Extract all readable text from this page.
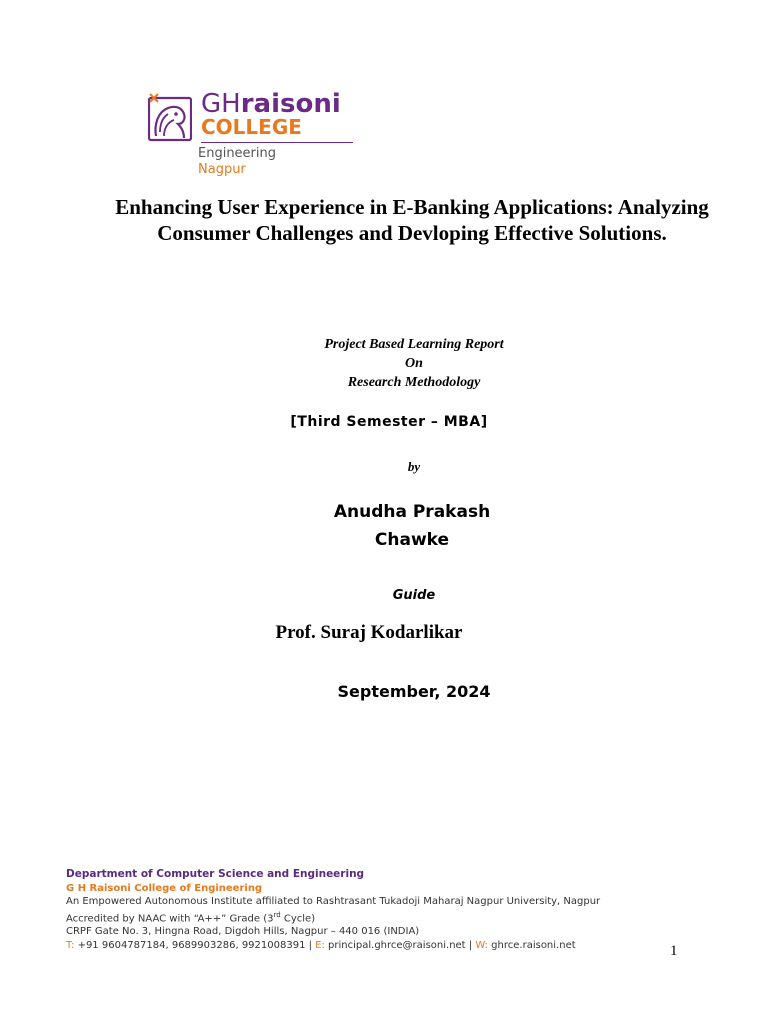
GHraisoni
COLLEGE
Engineering
Nagpur
Enhancing User Experience in E-Banking Applications: Analyzing
Consumer Challenges and Devloping Effective Solutions.
Project Based Learning Report
On
Research Methodology
[Third Semester – MBA]
by
Anudha Prakash
Chawke
Guide
Prof. Suraj Kodarlikar
September, 2024
Department of Computer Science and Engineering
G H Raisoni College of Engineering
An Empowered Autonomous Institute affiliated to Rashtrasant Tukadoji Maharaj Nagpur University, Nagpur
Accredited by NAAC with “A++” Grade (3rd Cycle)
CRPF Gate No. 3, Hingna Road, Digdoh Hills, Nagpur – 440 016 (INDIA)
T: +91 9604787184, 9689903286, 9921008391 | E: principal.ghrce@raisoni.net | W: ghrce.raisoni.net	1
